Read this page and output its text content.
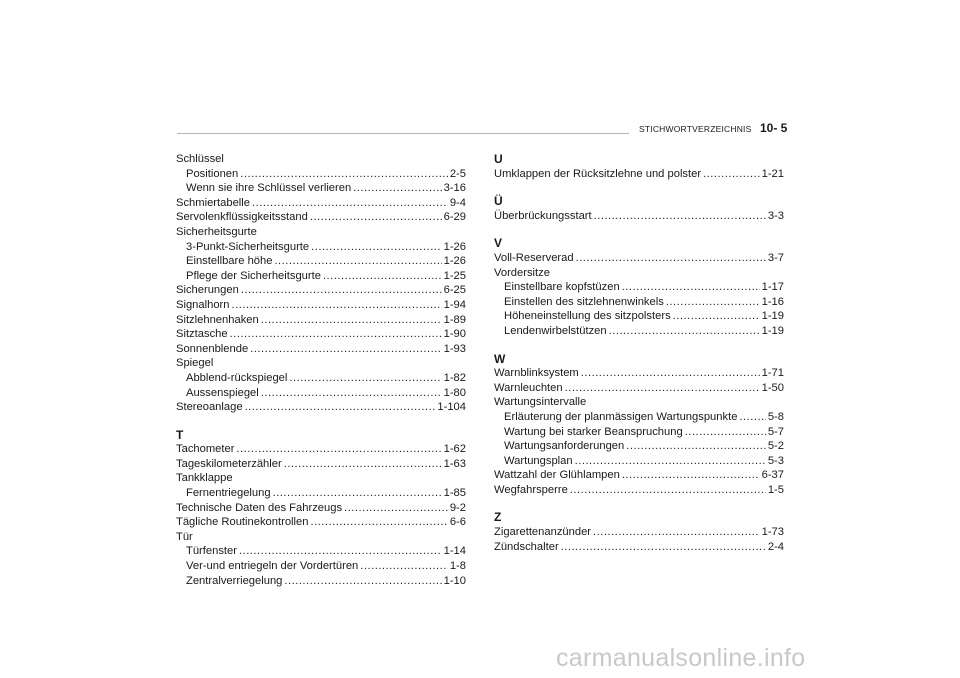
STICHWORTVERZEICHNIS 10- 5
Schlüssel
Positionen .....	2-5
Wenn sie ihre Schlüssel verlieren .....	3-16
Schmiertabelle .....	9-4
Servolenkflüssigkeitsstand .....	6-29
Sicherheitsgurte
3-Punkt-Sicherheitsgurte .....	1-26
Einstellbare höhe .....	1-26
Pflege der Sicherheitsgurte .....	1-25
Sicherungen .....	6-25
Signalhorn .....	1-94
Sitzlehnenhaken .....	1-89
Sitztasche .....	1-90
Sonnenblende .....	1-93
Spiegel
Abblend-rückspiegel .....	1-82
Aussenspiegel .....	1-80
Stereoanlage .....	1-104
T
Tachometer .....	1-62
Tageskilometerzähler .....	1-63
Tankklappe
Fernentriegelung .....	1-85
Technische Daten des Fahrzeugs .....	9-2
Tägliche Routinekontrollen .....	6-6
Tür
Türfenster .....	1-14
Ver-und entriegeln der Vordertüren .....	1-8
Zentralverriegelung .....	1-10
U
Umklappen der Rücksitzlehne und polster .....	1-21
Ü
Überbrückungsstart .....	3-3
V
Voll-Reserverad .....	3-7
Vordersitze
Einstellbare kopfstüzen .....	1-17
Einstellen des sitzlehnenwinkels .....	1-16
Höheneinstellung des sitzpolsters .....	1-19
Lendenwirbelstützen .....	1-19
W
Warnblinksystem .....	1-71
Warnleuchten .....	1-50
Wartungsintervalle
Erläuterung der planmässigen Wartungspunkte .....	5-8
Wartung bei starker Beanspruchung .....	5-7
Wartungsanforderungen .....	5-2
Wartungsplan .....	5-3
Wattzahl der Glühlampen .....	6-37
Wegfahrsperre .....	1-5
Z
Zigarettenanzünder .....	1-73
Zündschalter .....	2-4
carmanualsonline.info
